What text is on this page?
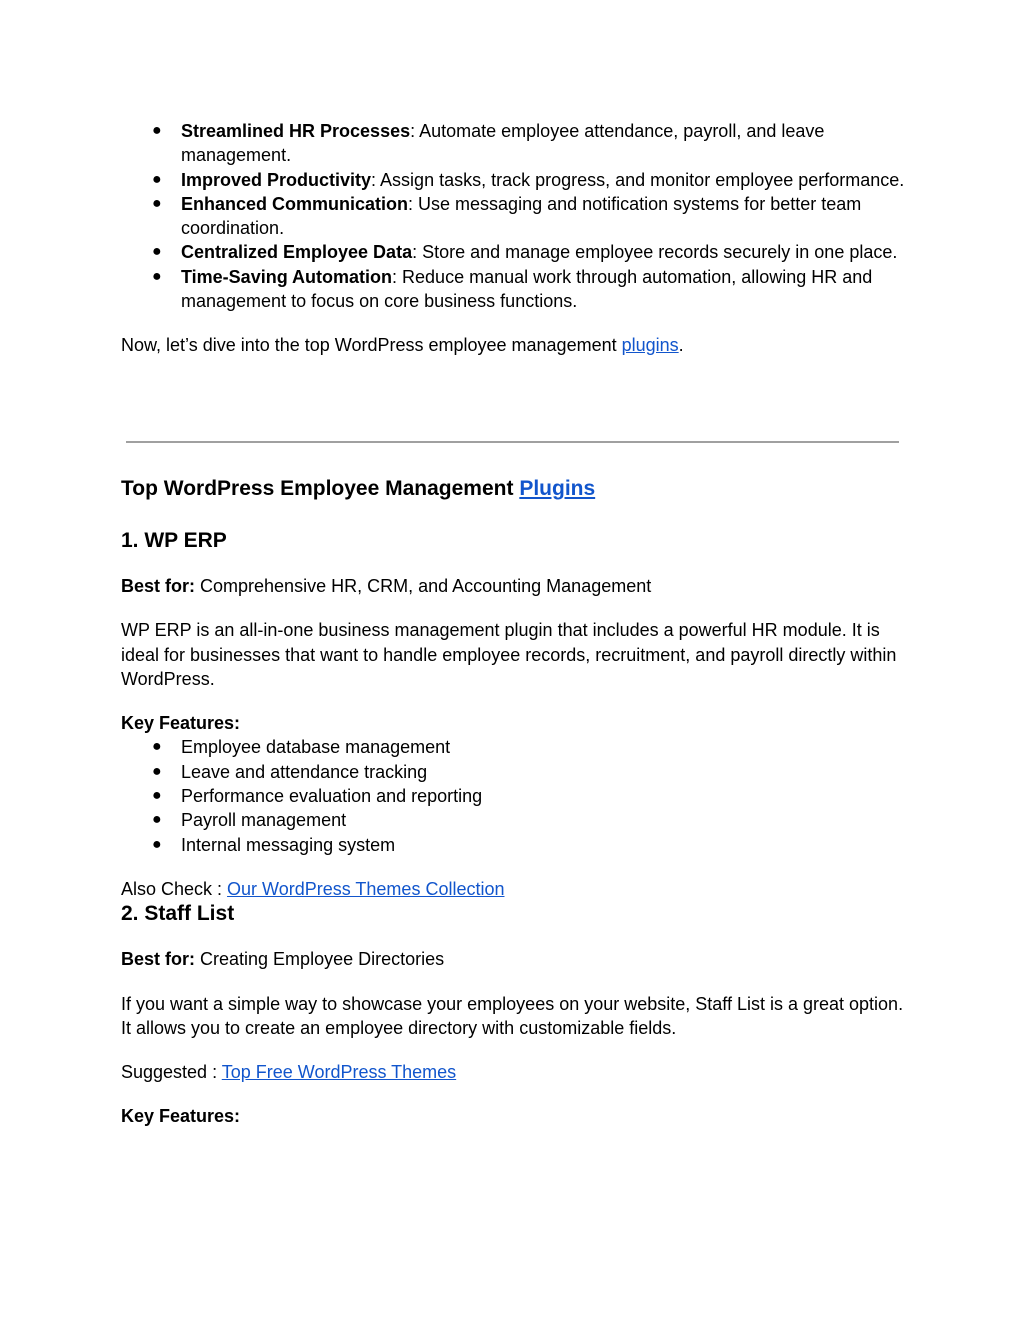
● Streamlined HR Processes: Automate employee attendance, payroll, and leave management.
● Improved Productivity: Assign tasks, track progress, and monitor employee performance.
● Enhanced Communication: Use messaging and notification systems for better team coordination.
● Centralized Employee Data: Store and manage employee records securely in one place.
● Time-Saving Automation: Reduce manual work through automation, allowing HR and management to focus on core business functions.

Now, let’s dive into the top WordPress employee management plugins.

Top WordPress Employee Management Plugins
1. WP ERP

Best for: Comprehensive HR, CRM, and Accounting Management

WP ERP is an all-in-one business management plugin that includes a powerful HR module. It is ideal for businesses that want to handle employee records, recruitment, and payroll directly within WordPress.

Key Features:

● Employee database management
● Leave and attendance tracking
● Performance evaluation and reporting
● Payroll management
● Internal messaging system

Also Check : Our WordPress Themes Collection

2. Staff List

Best for: Creating Employee Directories

If you want a simple way to showcase your employees on your website, Staff List is a great option. It allows you to create an employee directory with customizable fields.

Suggested : Top Free WordPress Themes

Key Features:
